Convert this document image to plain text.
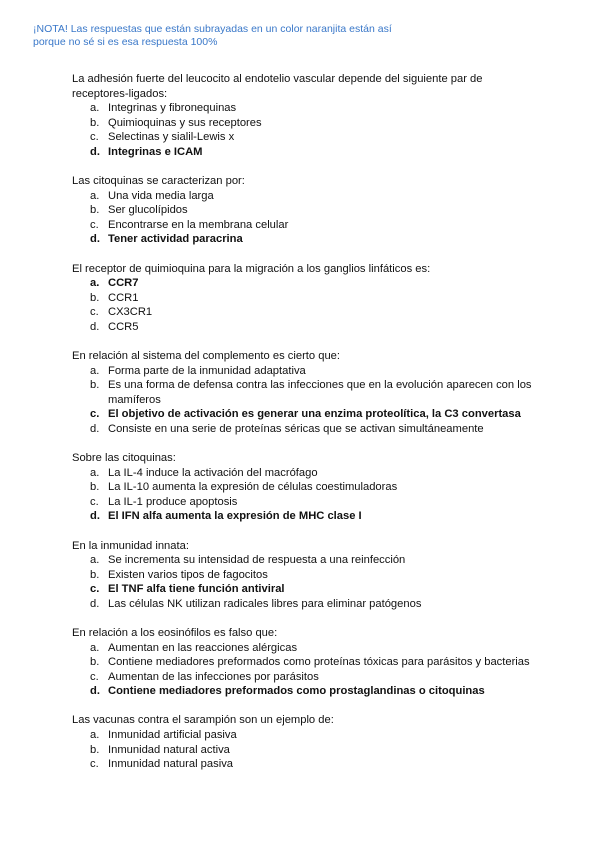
¡NOTA! Las respuestas que están subrayadas en un color naranjita están así
porque no sé si es esa respuesta 100%
La adhesión fuerte del leucocito al endotelio vascular depende del siguiente par de receptores-ligados:
a. Integrinas y fibronequinas
b. Quimioquinas y sus receptores
c. Selectinas y sialil-Lewis x
d. Integrinas e ICAM
Las citoquinas se caracterizan por:
a. Una vida media larga
b. Ser glucolípidos
c. Encontrarse en la membrana celular
d. Tener actividad paracrina
El receptor de quimioquina para la migración a los ganglios linfáticos es:
a. CCR7
b. CCR1
c. CX3CR1
d. CCR5
En relación al sistema del complemento es cierto que:
a. Forma parte de la inmunidad adaptativa
b. Es una forma de defensa contra las infecciones que en la evolución aparecen con los mamíferos
c. El objetivo de activación es generar una enzima proteolítica, la C3 convertasa
d. Consiste en una serie de proteínas séricas que se activan simultáneamente
Sobre las citoquinas:
a. La IL-4 induce la activación del macrófago
b. La IL-10 aumenta la expresión de células coestimuladoras
c. La IL-1 produce apoptosis
d. El IFN alfa aumenta la expresión de MHC clase I
En la inmunidad innata:
a. Se incrementa su intensidad de respuesta a una reinfección
b. Existen varios tipos de fagocitos
c. El TNF alfa tiene función antiviral
d. Las células NK utilizan radicales libres para eliminar patógenos
En relación a los eosinófilos es falso que:
a. Aumentan en las reacciones alérgicas
b. Contiene mediadores preformados como proteínas tóxicas para parásitos y bacterias
c. Aumentan de las infecciones por parásitos
d. Contiene mediadores preformados como prostaglandinas o citoquinas
Las vacunas contra el sarampión son un ejemplo de:
a. Inmunidad artificial pasiva
b. Inmunidad natural activa
c. Inmunidad natural pasiva
